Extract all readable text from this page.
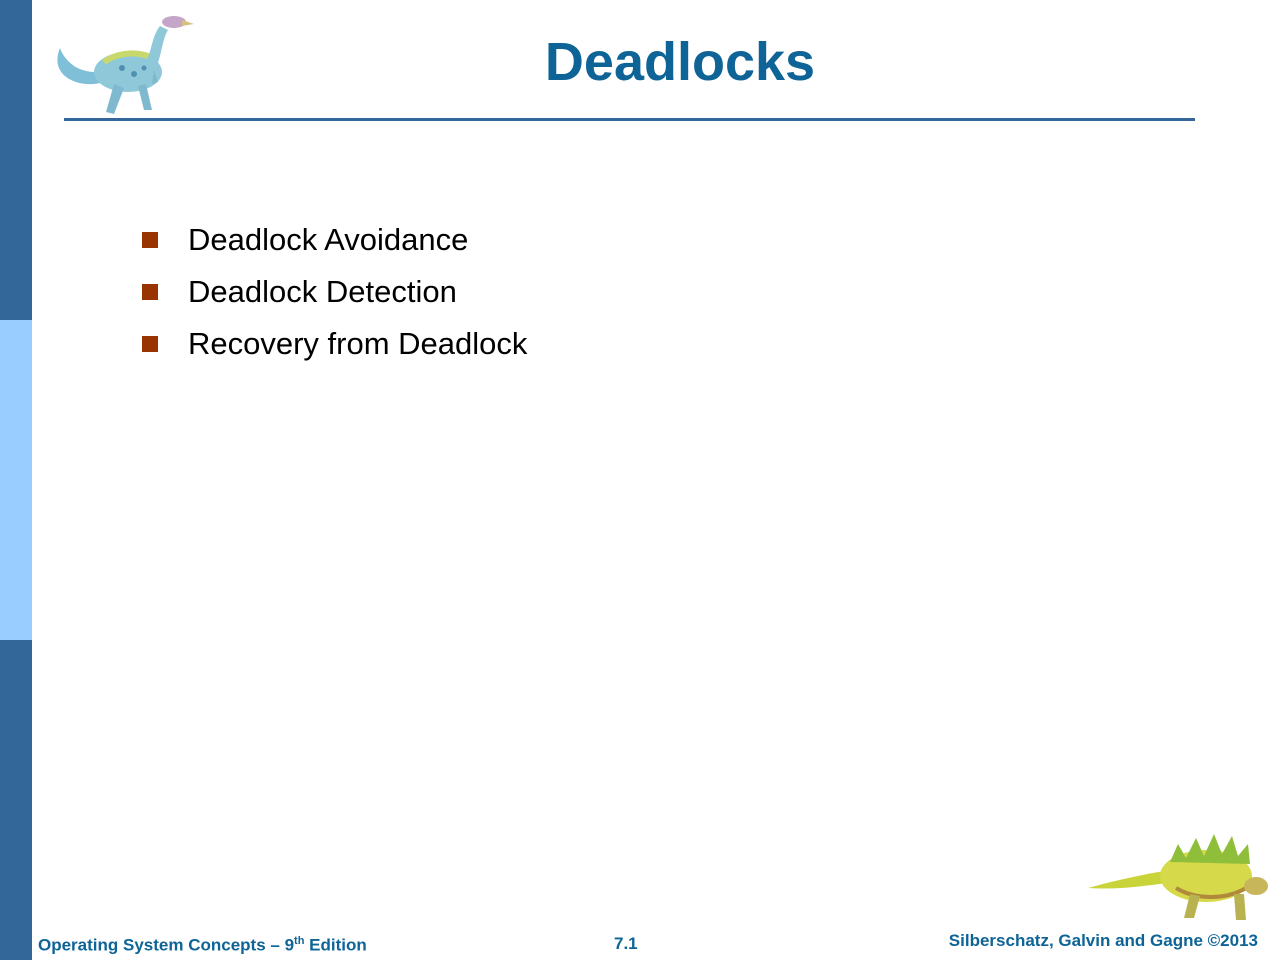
Deadlocks
Deadlock Avoidance
Deadlock Detection
Recovery from Deadlock
Operating System Concepts – 9th Edition	7.1	Silberschatz, Galvin and Gagne ©2013
